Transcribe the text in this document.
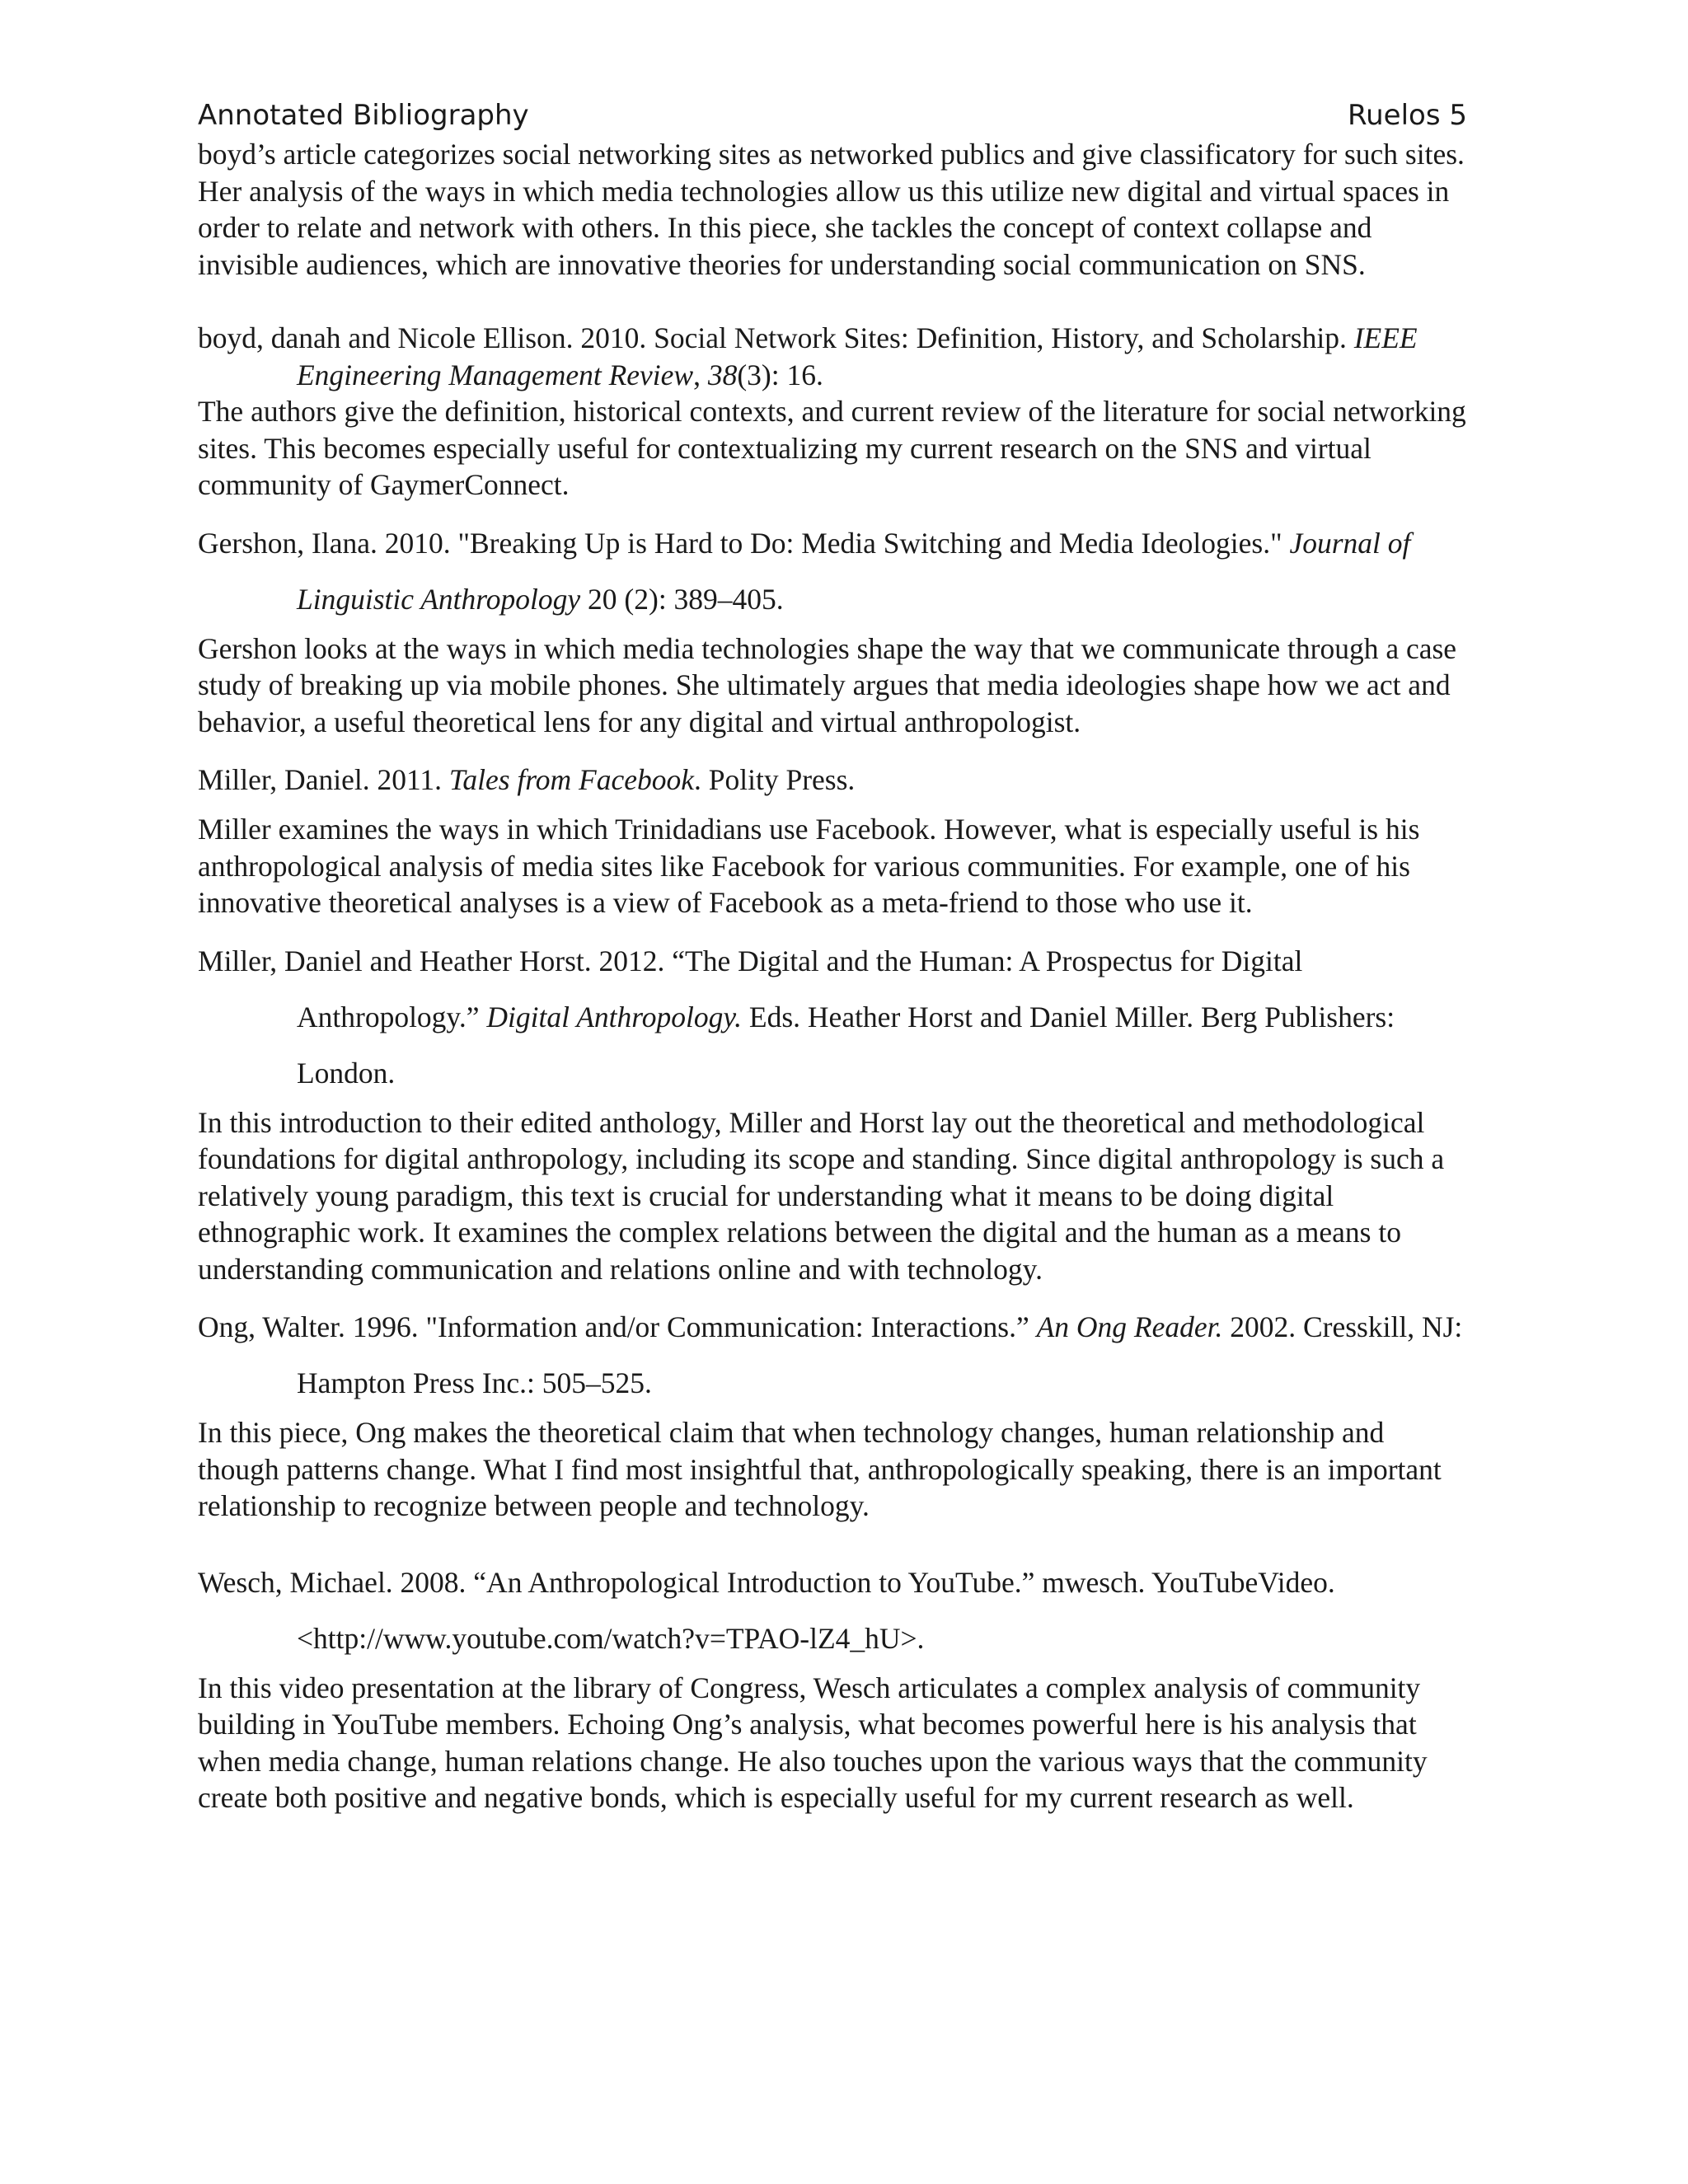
Annotated Bibliography	Ruelos 5

boyd’s article categorizes social networking sites as networked publics and give classificatory for such sites. Her analysis of the ways in which media technologies allow us this utilize new digital and virtual spaces in order to relate and network with others. In this piece, she tackles the concept of context collapse and invisible audiences, which are innovative theories for understanding social communication on SNS.

boyd, danah and Nicole Ellison. 2010. Social Network Sites: Definition, History, and Scholarship. IEEE Engineering Management Review, 38(3): 16.

The authors give the definition, historical contexts, and current review of the literature for social networking sites. This becomes especially useful for contextualizing my current research on the SNS and virtual community of GaymerConnect.

Gershon, Ilana. 2010. "Breaking Up is Hard to Do: Media Switching and Media Ideologies." Journal of Linguistic Anthropology 20 (2): 389–405.

Gershon looks at the ways in which media technologies shape the way that we communicate through a case study of breaking up via mobile phones. She ultimately argues that media ideologies shape how we act and behavior, a useful theoretical lens for any digital and virtual anthropologist.

Miller, Daniel. 2011. Tales from Facebook. Polity Press.

Miller examines the ways in which Trinidadians use Facebook. However, what is especially useful is his anthropological analysis of media sites like Facebook for various communities. For example, one of his innovative theoretical analyses is a view of Facebook as a meta-friend to those who use it.

Miller, Daniel and Heather Horst. 2012. “The Digital and the Human: A Prospectus for Digital Anthropology.” Digital Anthropology. Eds. Heather Horst and Daniel Miller. Berg Publishers: London.

In this introduction to their edited anthology, Miller and Horst lay out the theoretical and methodological foundations for digital anthropology, including its scope and standing. Since digital anthropology is such a relatively young paradigm, this text is crucial for understanding what it means to be doing digital ethnographic work. It examines the complex relations between the digital and the human as a means to understanding communication and relations online and with technology.

Ong, Walter. 1996. "Information and/or Communication: Interactions.” An Ong Reader. 2002. Cresskill, NJ: Hampton Press Inc.: 505–525.

In this piece, Ong makes the theoretical claim that when technology changes, human relationship and though patterns change. What I find most insightful that, anthropologically speaking, there is an important relationship to recognize between people and technology.

Wesch, Michael. 2008. “An Anthropological Introduction to YouTube.” mwesch. YouTubeVideo. <http://www.youtube.com/watch?v=TPAO-lZ4_hU>.

In this video presentation at the library of Congress, Wesch articulates a complex analysis of community building in YouTube members. Echoing Ong’s analysis, what becomes powerful here is his analysis that when media change, human relations change. He also touches upon the various ways that the community create both positive and negative bonds, which is especially useful for my current research as well.
